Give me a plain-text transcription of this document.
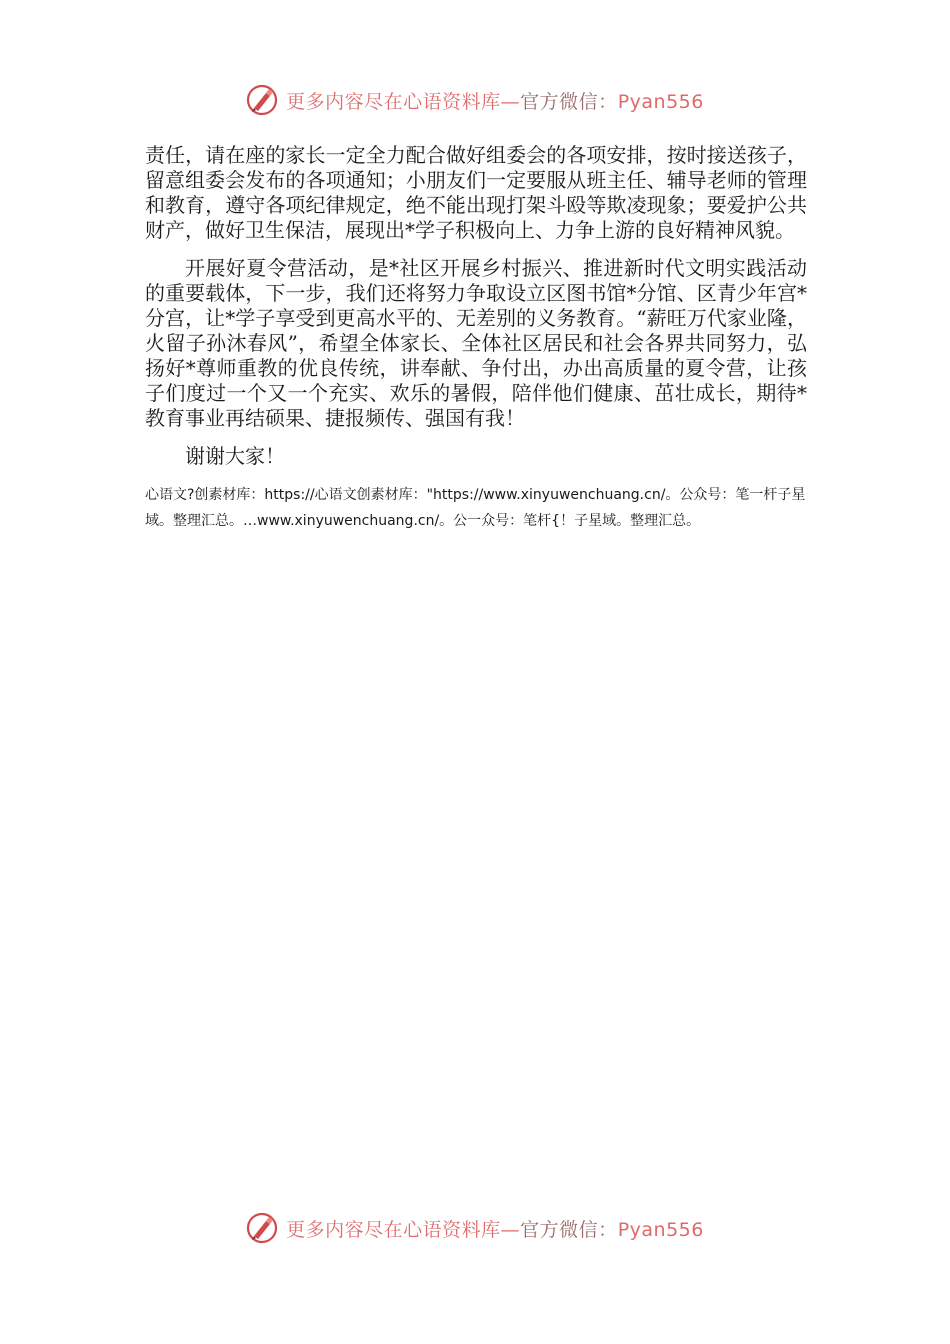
更多内容尽在心语资料库—官方微信：Pyan556

责任，请在座的家长一定全力配合做好组委会的各项安排，按时接送孩子，留意组委会发布的各项通知；小朋友们一定要服从班主任、辅导老师的管理和教育，遵守各项纪律规定，绝不能出现打架斗殴等欺凌现象；要爱护公共财产，做好卫生保洁，展现出*学子积极向上、力争上游的良好精神风貌。

开展好夏令营活动，是*社区开展乡村振兴、推进新时代文明实践活动的重要载体，下一步，我们还将努力争取设立区图书馆*分馆、区青少年宫*分宫，让*学子享受到更高水平的、无差别的义务教育。“薪旺万代家业隆，火留子孙沐春风”，希望全体家长、全体社区居民和社会各界共同努力，弘扬好*尊师重教的优良传统，讲奉献、争付出，办出高质量的夏令营，让孩子们度过一个又一个充实、欢乐的暑假，陪伴他们健康、茁壮成长，期待*教育事业再结硕果、捷报频传、强国有我！

谢谢大家！

心语文?创素材库：https://心语文创素材库："https://www.xinyuwenchuang.cn/。公众号：笔一杆子星域。整理汇总。…www.xinyuwenchuang.cn/。公一众号：笔杆{！子星域。整理汇总。
更多内容尽在心语资料库—官方微信：Pyan556
